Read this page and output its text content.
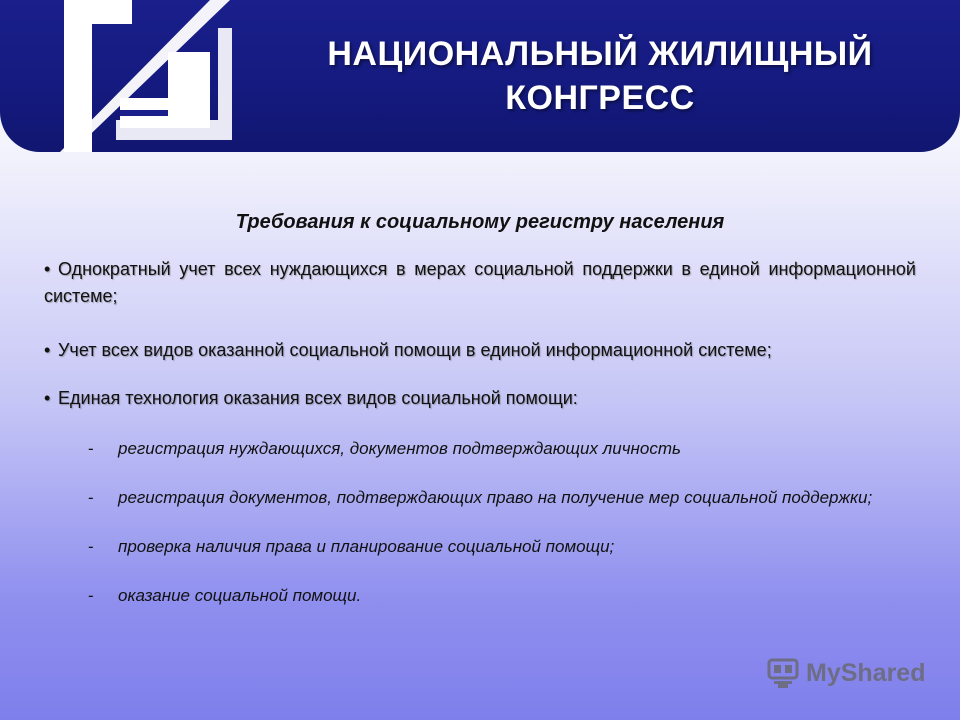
НАЦИОНАЛЬНЫЙ ЖИЛИЩНЫЙ
КОНГРЕСС
Требования к социальному регистру населения
• Однократный учет всех нуждающихся в мерах социальной поддержки в единой информационной системе;
• Учет всех видов оказанной социальной помощи в единой информационной системе;
• Единая технология оказания всех видов социальной помощи:
- регистрация нуждающихся, документов подтверждающих личность
- регистрация документов, подтверждающих право на получение мер социальной поддержки;
- проверка наличия права и планирование социальной помощи;
- оказание социальной помощи.
MyShared
